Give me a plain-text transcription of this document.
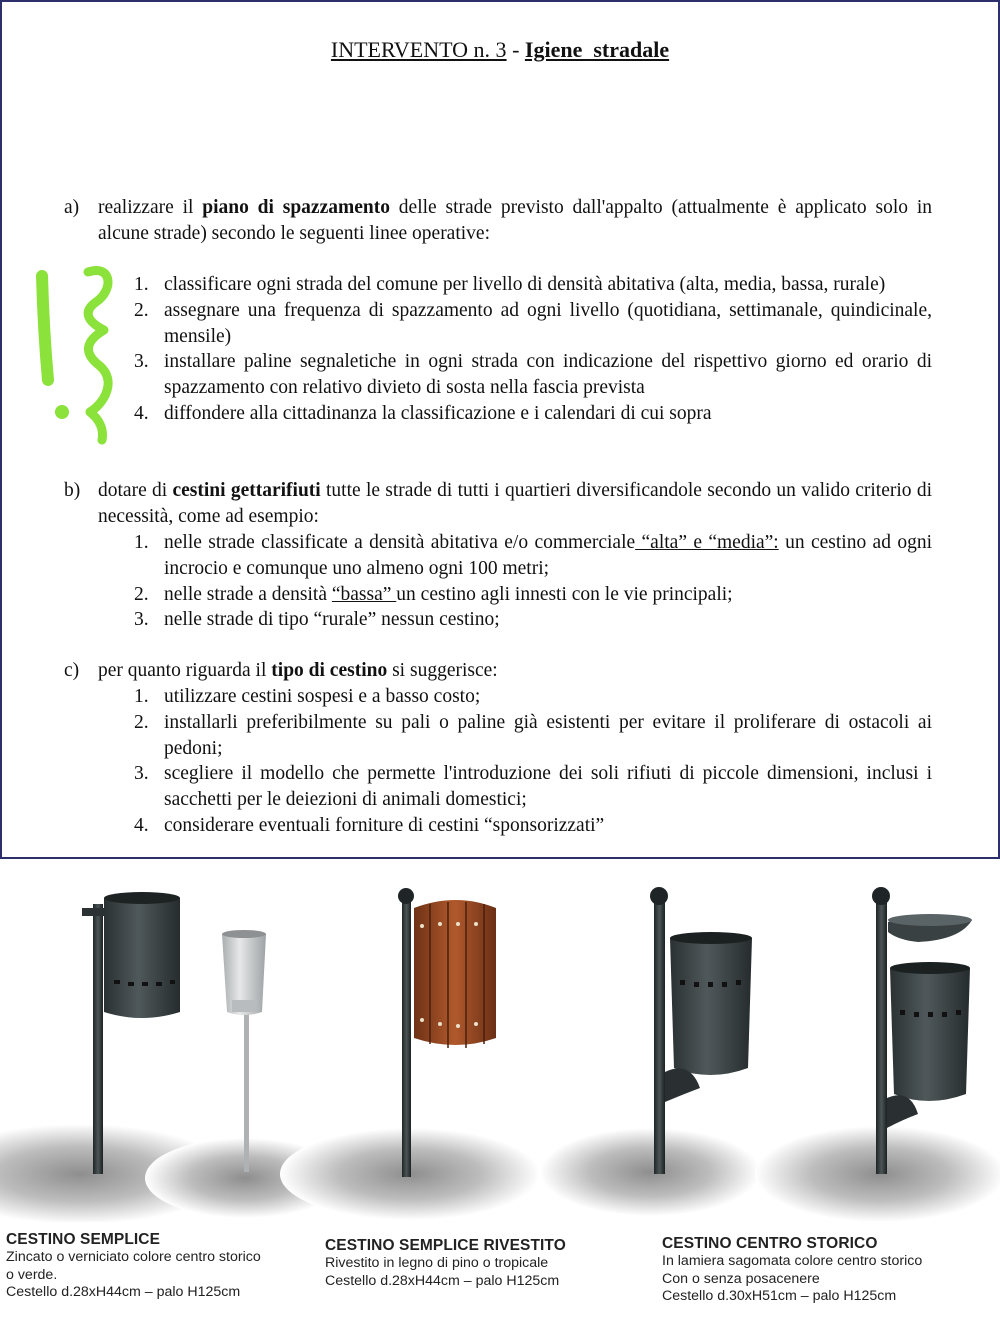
INTERVENTO n. 3 - Igiene  stradale
a) realizzare il piano di spazzamento delle strade previsto dall'appalto (attualmente è applicato solo in alcune strade) secondo le seguenti linee operative:
1. classificare ogni strada del comune per livello di densità abitativa (alta, media, bassa, rurale)
2. assegnare una frequenza di spazzamento ad ogni livello (quotidiana, settimanale, quindicinale, mensile)
3. installare paline segnaletiche in ogni strada con indicazione del rispettivo giorno ed orario di spazzamento con relativo divieto di sosta nella fascia prevista
4. diffondere alla cittadinanza la classificazione e i calendari di cui sopra
b) dotare di cestini gettarifiuti tutte le strade di tutti i quartieri diversificandole secondo un valido criterio di necessità, come ad esempio:
1. nelle strade classificate a densità abitativa e/o commerciale “alta” e “media”: un cestino ad ogni incrocio e comunque uno almeno ogni 100 metri;
2. nelle strade a densità “bassa” un cestino agli innesti con le vie principali;
3. nelle strade di tipo “rurale” nessun cestino;
c) per quanto riguarda il tipo di cestino si suggerisce:
1. utilizzare cestini sospesi e a basso costo;
2. installarli preferibilmente su pali o paline già esistenti per evitare il proliferare di ostacoli ai pedoni;
3. scegliere il modello che permette l'introduzione dei soli rifiuti di piccole dimensioni, inclusi i sacchetti per le deiezioni di animali domestici;
4. considerare eventuali forniture di cestini “sponsorizzati”
CESTINO SEMPLICE
Zincato o verniciato colore centro storico
o verde.
Cestello d.28xH44cm – palo H125cm
CESTINO SEMPLICE RIVESTITO
Rivestito in legno di pino o tropicale
Cestello d.28xH44cm – palo H125cm
CESTINO CENTRO STORICO
In lamiera sagomata colore centro storico
Con o senza posacenere
Cestello d.30xH51cm – palo H125cm
